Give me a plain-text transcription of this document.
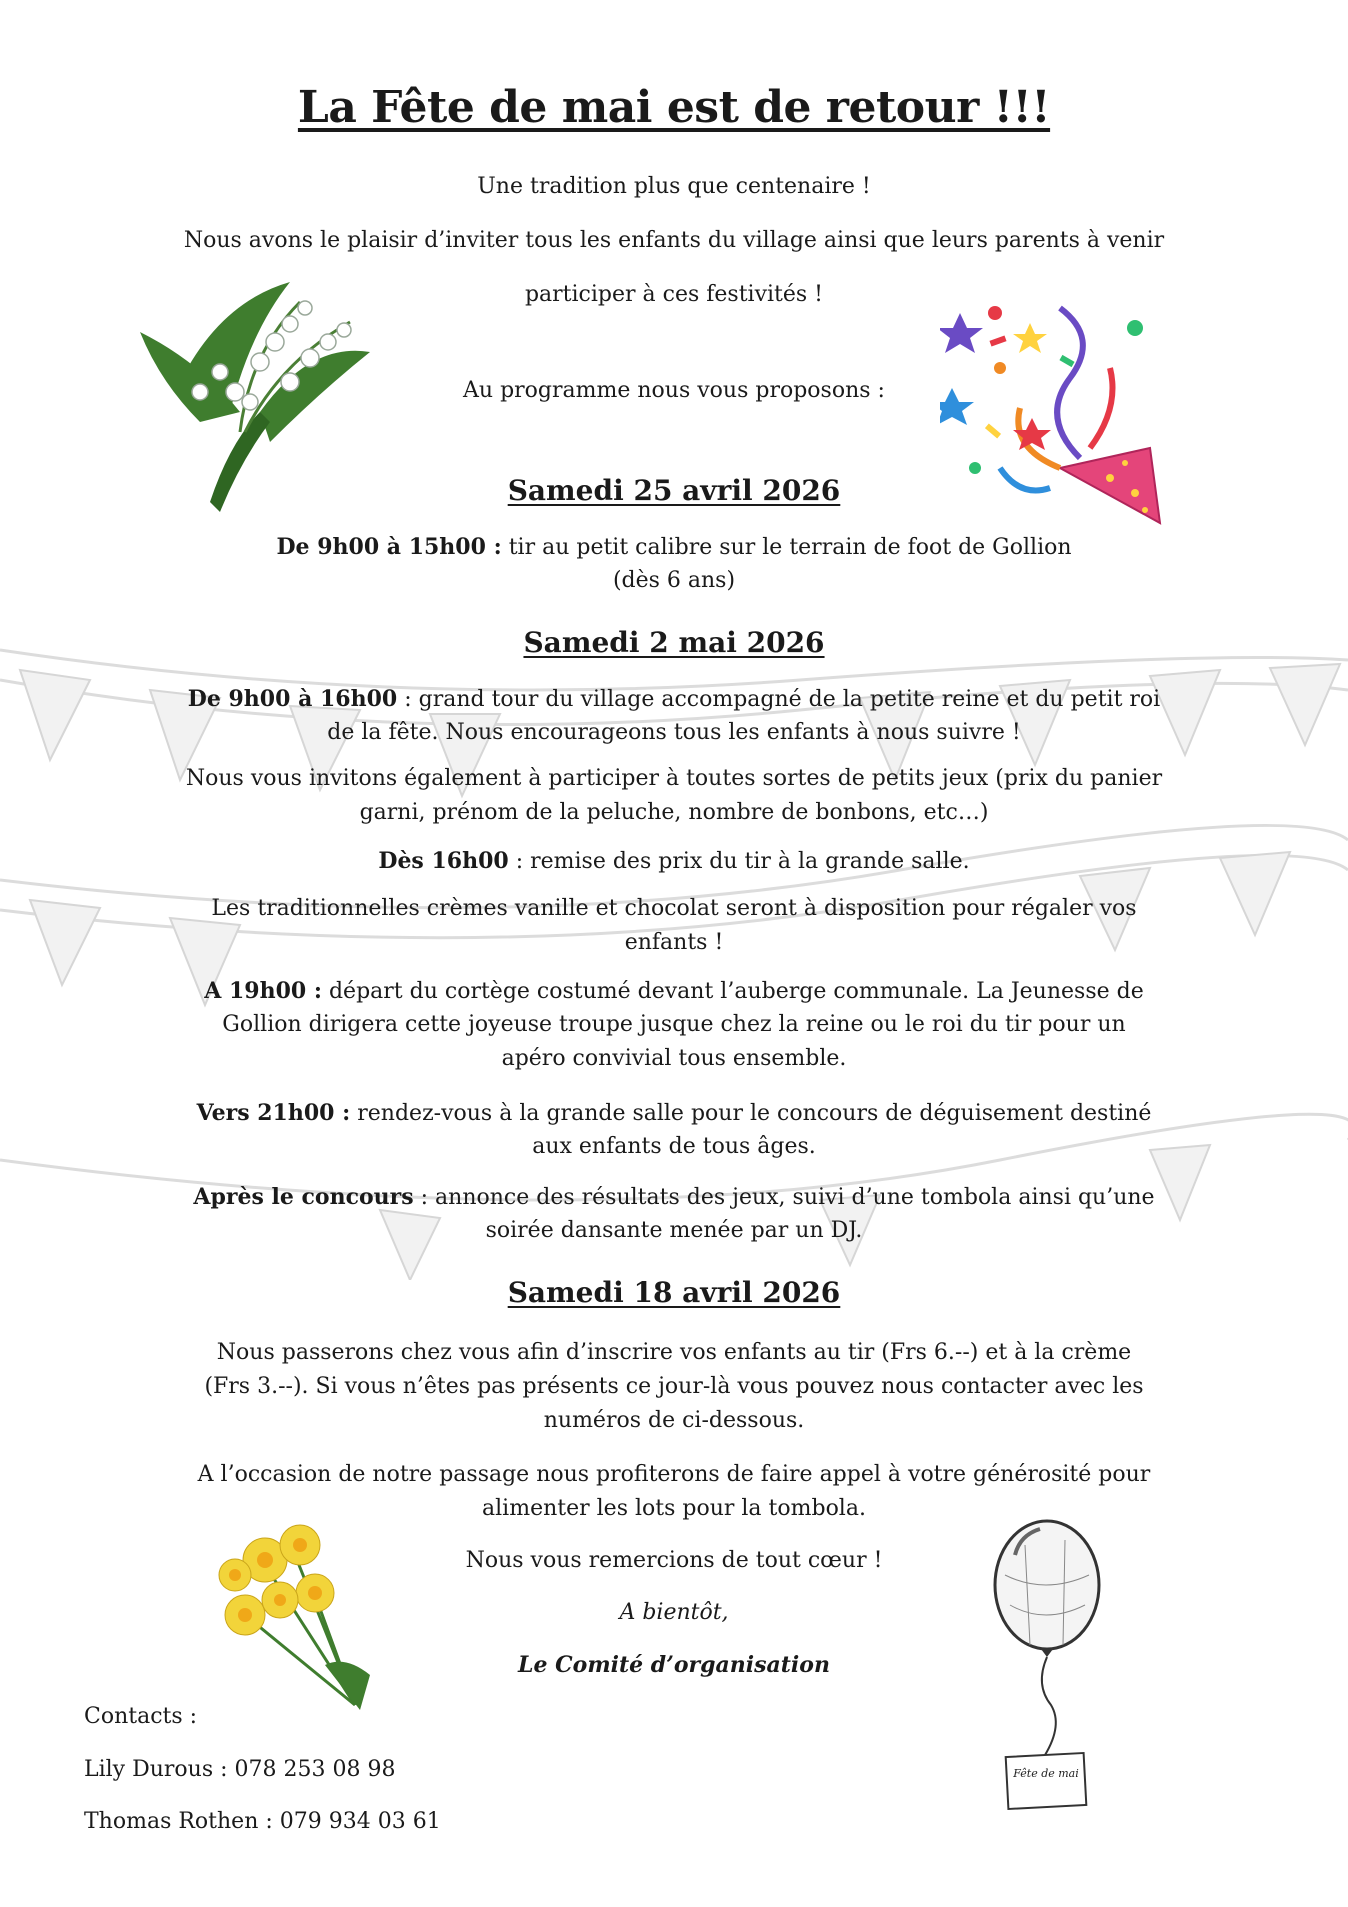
Fête de mai
La Fête de mai est de retour !!!
Une tradition plus que centenaire !
Nous avons le plaisir d’inviter tous les enfants du village ainsi que leurs parents à venir
participer à ces festivités !
Au programme nous vous proposons :
Samedi 25 avril 2026
De 9h00 à 15h00 : tir au petit calibre sur le terrain de foot de Gollion
(dès 6 ans)
Samedi 2 mai 2026
De 9h00 à 16h00 : grand tour du village accompagné de la petite reine et du petit roi
de la fête. Nous encourageons tous les enfants à nous suivre !
Nous vous invitons également à participer à toutes sortes de petits jeux (prix du panier
garni, prénom de la peluche, nombre de bonbons, etc…)
Dès 16h00 : remise des prix du tir à la grande salle.
Les traditionnelles crèmes vanille et chocolat seront à disposition pour régaler vos
enfants !
A 19h00 : départ du cortège costumé devant l’auberge communale. La Jeunesse de
Gollion dirigera cette joyeuse troupe jusque chez la reine ou le roi du tir pour un
apéro convivial tous ensemble.
Vers 21h00 : rendez-vous à la grande salle pour le concours de déguisement destiné
aux enfants de tous âges.
Après le concours : annonce des résultats des jeux, suivi d’une tombola ainsi qu’une
soirée dansante menée par un DJ.
Samedi 18 avril 2026
Nous passerons chez vous afin d’inscrire vos enfants au tir (Frs 6.--) et à la crème
(Frs 3.--). Si vous n’êtes pas présents ce jour-là vous pouvez nous contacter avec les
numéros de ci-dessous.
A l’occasion de notre passage nous profiterons de faire appel à votre générosité pour
alimenter les lots pour la tombola.
Nous vous remercions de tout cœur !
A bientôt,
Le Comité d’organisation
Contacts :
Lily Durous : 078 253 08 98
Thomas Rothen : 079 934 03 61
